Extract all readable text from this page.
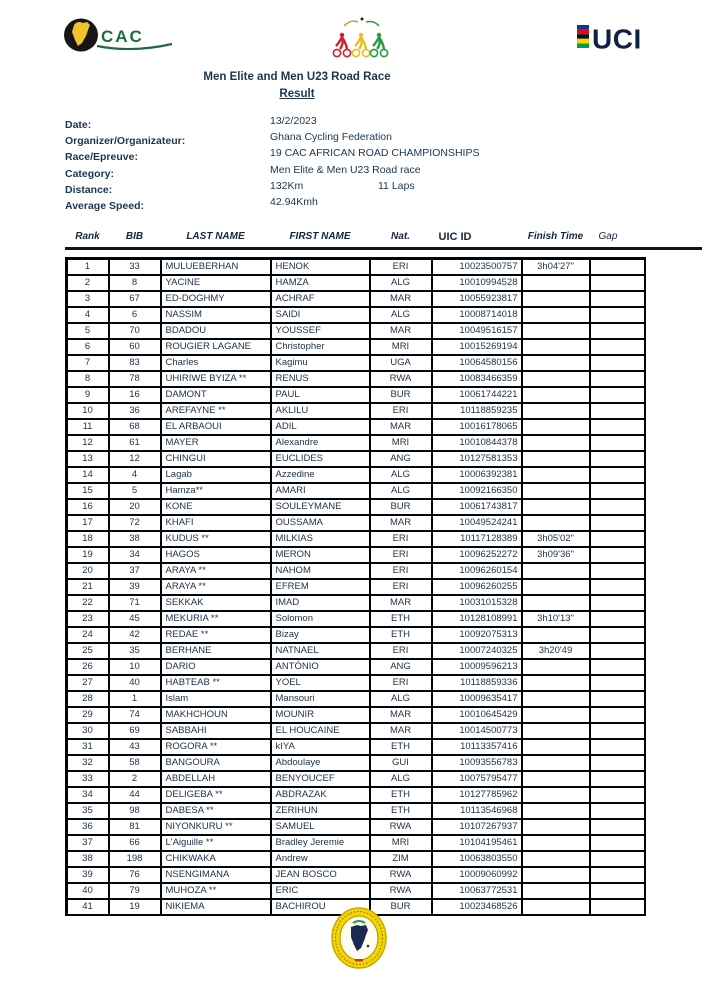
CAC	UCI
Men Elite and Men U23 Road Race
Result
Date:	13/2/2023
Organizer/Organizateur:	Ghana Cycling Federation
Race/Epreuve:	19 CAC AFRICAN ROAD CHAMPIONSHIPS
Category:	Men Elite & Men U23 Road race
Distance:	132Km	11 Laps
Average Speed:	42.94Kmh
Rank	BIB	LAST NAME	FIRST NAME	Nat.	UIC ID	Finish Time	Gap
1	33	MULUEBERHAN	HENOK	ERI	10023500757	3h04'27"
2	8	YACINE	HAMZA	ALG	10010994528
3	67	ED-DOGHMY	ACHRAF	MAR	10055923817
4	6	NASSIM	SAIDI	ALG	10008714018
5	70	BDADOU	YOUSSEF	MAR	10049516157
6	60	ROUGIER LAGANE	Christopher	MRI	10015269194
7	83	Charles	Kagimu	UGA	10064580156
8	78	UHIRIWE BYIZA **	RENUS	RWA	10083466359
9	16	DAMONT	PAUL	BUR	10061744221
10	36	AREFAYNE **	AKLILU	ERI	10118859235
11	68	EL ARBAOUI	ADIL	MAR	10016178065
12	61	MAYER	Alexandre	MRI	10010844378
13	12	CHINGUI	EUCLIDES	ANG	10127581353
14	4	Lagab	Azzedine	ALG	10006392381
15	5	Hamza**	AMARI	ALG	10092166350
16	20	KONE	SOULEYMANE	BUR	10061743817
17	72	KHAFI	OUSSAMA	MAR	10049524241
18	38	KUDUS **	MILKIAS	ERI	10117128389	3h05'02"
19	34	HAGOS	MERON	ERI	10096252272	3h09'36"
20	37	ARAYA **	NAHOM	ERI	10096260154
21	39	ARAYA **	EFREM	ERI	10096260255
22	71	SEKKAK	IMAD	MAR	10031015328
23	45	MEKURIA **	Solomon	ETH	10128108991	3h10'13"
24	42	REDAE **	Bizay	ETH	10092075313
25	35	BERHANE	NATNAEL	ERI	10007240325	3h20'49
26	10	DARIO	ANTÓNIO	ANG	10009596213
27	40	HABTEAB **	YOEL	ERI	10118859336
28	1	Islam	Mansouri	ALG	10009635417
29	74	MAKHCHOUN	MOUNIR	MAR	10010645429
30	69	SABBAHI	EL HOUCAINE	MAR	10014500773
31	43	ROGORA **	kIYA	ETH	10113357416
32	58	BANGOURA	Abdoulaye	GUI	10093556783
33	2	ABDELLAH	BENYOUCEF	ALG	10075795477
34	44	DELIGEBA **	ABDRAZAK	ETH	10127785962
35	98	DABESA **	ZERIHUN	ETH	10113546968
36	81	NIYONKURU **	SAMUEL	RWA	10107267937
37	66	L'Aiguille **	Bradley Jeremie	MRI	10104195461
38	198	CHIKWAKA	Andrew	ZIM	10063803550
39	76	NSENGIMANA	JEAN BOSCO	RWA	10009060992
40	79	MUHOZA **	ERIC	RWA	10063772531
41	19	NIKIEMA	BACHIROU	BUR	10023468526
